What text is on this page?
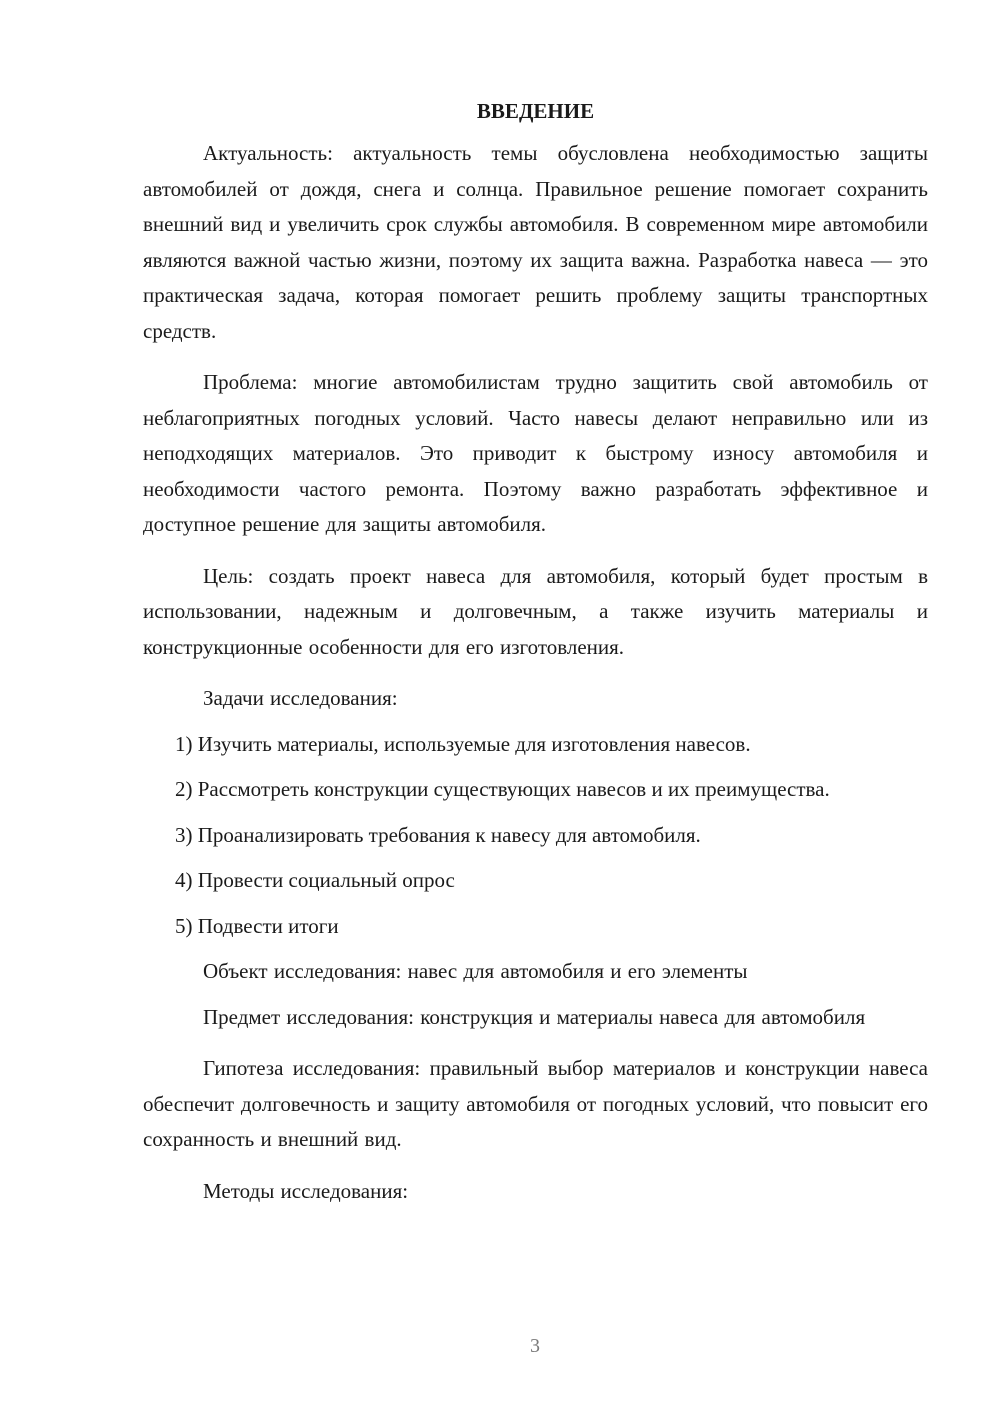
ВВЕДЕНИЕ

Актуальность: актуальность темы обусловлена необходимостью защиты автомобилей от дождя, снега и солнца. Правильное решение помогает сохранить внешний вид и увеличить срок службы автомобиля. В современном мире автомобили являются важной частью жизни, поэтому их защита важна. Разработка навеса — это практическая задача, которая помогает решить проблему защиты транспортных средств.

Проблема: многие автомобилистам трудно защитить свой автомобиль от неблагоприятных погодных условий. Часто навесы делают неправильно или из неподходящих материалов. Это приводит к быстрому износу автомобиля и необходимости частого ремонта. Поэтому важно разработать эффективное и доступное решение для защиты автомобиля.

Цель: создать проект навеса для автомобиля, который будет простым в использовании, надежным и долговечным, а также изучить материалы и конструкционные особенности для его изготовления.

Задачи исследования:

1) Изучить материалы, используемые для изготовления навесов.

2) Рассмотреть конструкции существующих навесов и их преимущества.

3) Проанализировать требования к навесу для автомобиля.

4) Провести социальный опрос

5) Подвести итоги

Объект исследования: навес для автомобиля и его элементы

Предмет исследования: конструкция и материалы навеса для автомобиля

Гипотеза исследования: правильный выбор материалов и конструкции навеса обеспечит долговечность и защиту автомобиля от погодных условий, что повысит его сохранность и внешний вид.

Методы исследования:

3
